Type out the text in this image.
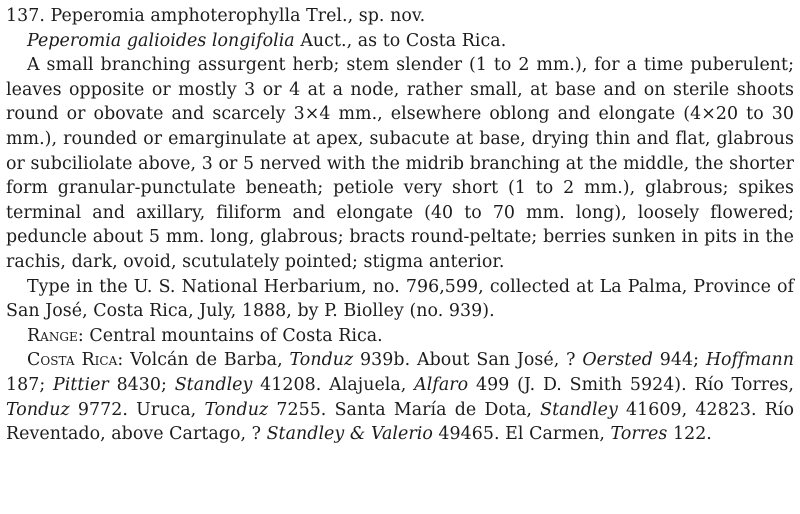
137. Peperomia amphoterophylla Trel., sp. nov.

Peperomia galioides longifolia Auct., as to Costa Rica.

A small branching assurgent herb; stem slender (1 to 2 mm.), for a time puberulent; leaves opposite or mostly 3 or 4 at a node, rather small, at base and on sterile shoots round or obovate and scarcely 3×4 mm., elsewhere oblong and elongate (4×20 to 30 mm.), rounded or emarginulate at apex, subacute at base, drying thin and flat, glabrous or subciliolate above, 3 or 5 nerved with the midrib branching at the middle, the shorter form granular-punctulate beneath; petiole very short (1 to 2 mm.), glabrous; spikes terminal and axillary, filiform and elongate (40 to 70 mm. long), loosely flowered; peduncle about 5 mm. long, glabrous; bracts round-peltate; berries sunken in pits in the rachis, dark, ovoid, scutulately pointed; stigma anterior.

Type in the U. S. National Herbarium, no. 796,599, collected at La Palma, Province of San José, Costa Rica, July, 1888, by P. Biolley (no. 939).

Range: Central mountains of Costa Rica.

Costa Rica: Volcán de Barba, Tonduz 939b. About San José, ? Oersted 944; Hoffmann 187; Pittier 8430; Standley 41208. Alajuela, Alfaro 499 (J. D. Smith 5924). Río Torres, Tonduz 9772. Uruca, Tonduz 7255. Santa María de Dota, Standley 41609, 42823. Río Reventado, above Cartago, ? Standley & Valerio 49465. El Carmen, Torres 122.
